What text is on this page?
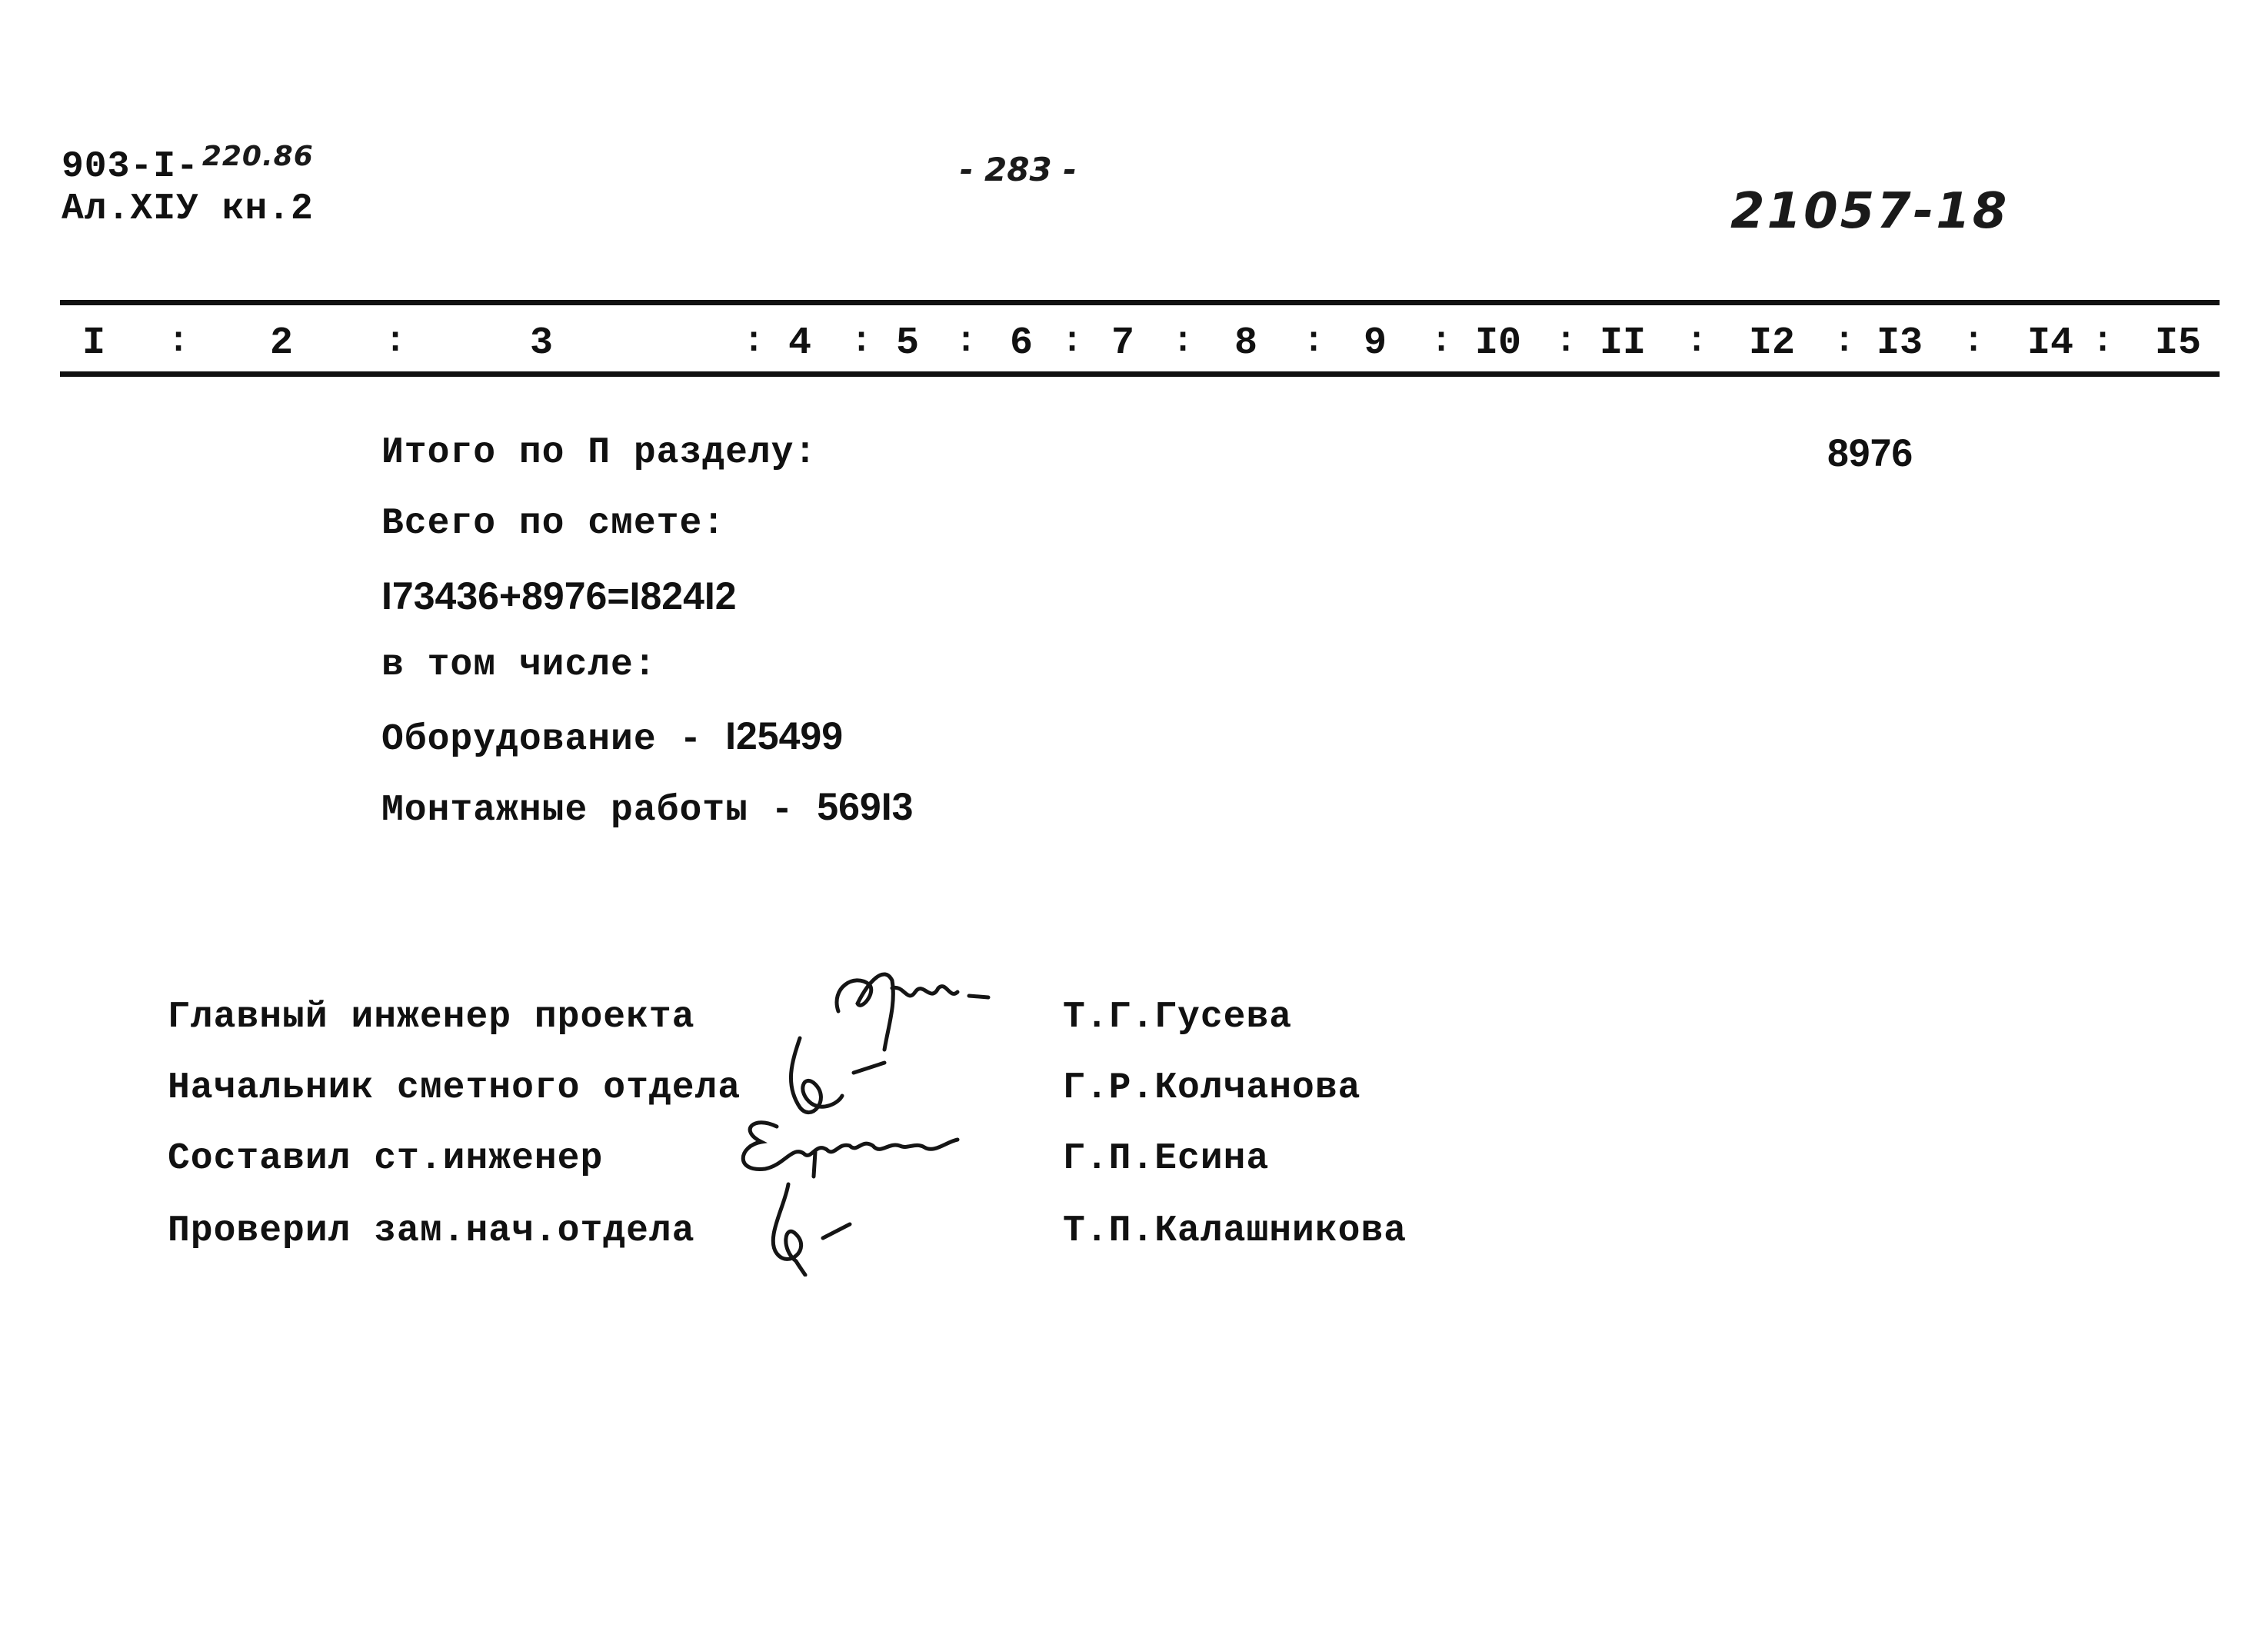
903-I- $^{220.86}$
Ал.XIУ кн.2
- 283 -
21057-18
I : 2	:	3	: 4 : 5 : 6 : 7 : 8 : 9 : I0 : II : I2 : I3 : I4 : I5
Итого по П разделу:	8976
Всего по смете:
I73436+8976=I824I2
в том числе:
Оборудование - I25499
Монтажные работы - 569I3
Главный инженер проекта	Т.Г.Гусева
Начальник сметного отдела	Г.Р.Колчанова
Составил ст.инженер	Г.П.Есина
Проверил зам.нач.отдела	Т.П.Калашникова
